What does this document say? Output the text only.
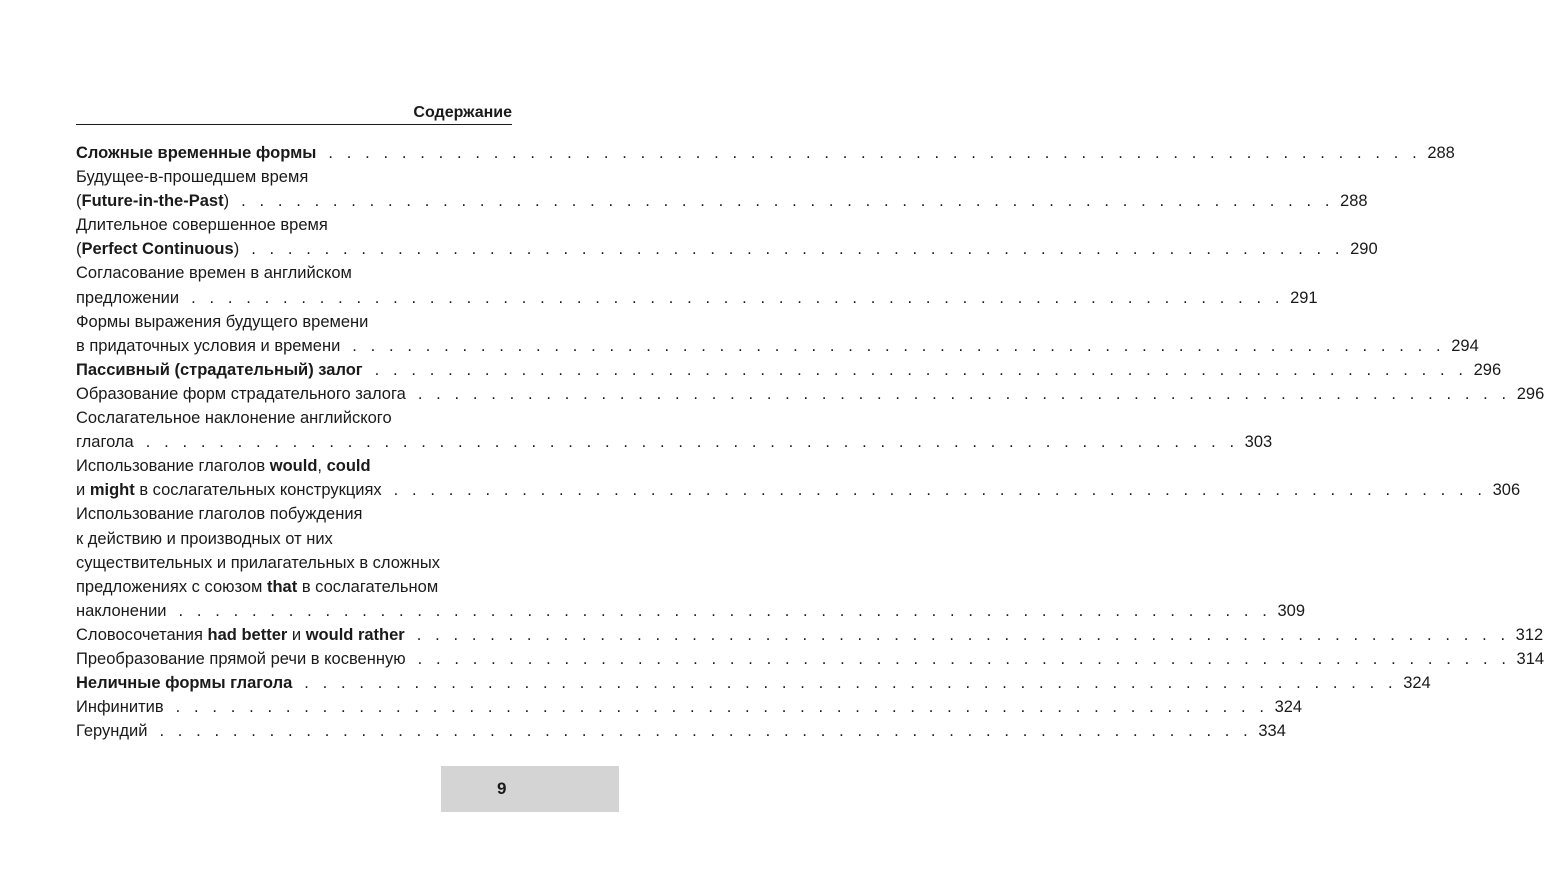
Содержание
Сложные временные формы . . . . . . . . . . . . . . . . . . . . . . . . . . . . . . . . . . . . . . . . . . . . . . . . . . . . . . . . . . . . 288
Будущее-в-прошедшем время
(Future-in-the-Past) . . . . . . . . . . . . . . . . . . . . . . . . . . . . . . . . . . . . . . . . . . . . . . . . . . . . . . . . . . . . 288
Длительное совершенное время
(Perfect Continuous) . . . . . . . . . . . . . . . . . . . . . . . . . . . . . . . . . . . . . . . . . . . . . . . . . . . . . . . . . . . . 290
Согласование времен в английском
предложении . . . . . . . . . . . . . . . . . . . . . . . . . . . . . . . . . . . . . . . . . . . . . . . . . . . . . . . . . . . . 291
Формы выражения будущего времени
в придаточных условия и времени . . . . . . . . . . . . . . . . . . . . . . . . . . . . . . . . . . . . . . . . . . . . . . . . . . . . . . . . . . . . 294
Пассивный (страдательный) залог . . . . . . . . . . . . . . . . . . . . . . . . . . . . . . . . . . . . . . . . . . . . . . . . . . . . . . . . . . . . 296
Образование форм страдательного залога . . . . . . . . . . . . . . . . . . . . . . . . . . . . . . . . . . . . . . . . . . . . . . . . . . . . . . . . . . . . 296
Сослагательное наклонение английского
глагола . . . . . . . . . . . . . . . . . . . . . . . . . . . . . . . . . . . . . . . . . . . . . . . . . . . . . . . . . . . . 303
Использование глаголов would, could
и might в сослагательных конструкциях . . . . . . . . . . . . . . . . . . . . . . . . . . . . . . . . . . . . . . . . . . . . . . . . . . . . . . . . . . . . 306
Использование глаголов побуждения
к действию и производных от них
существительных и прилагательных в сложных
предложениях с союзом that в сослагательном
наклонении . . . . . . . . . . . . . . . . . . . . . . . . . . . . . . . . . . . . . . . . . . . . . . . . . . . . . . . . . . . . 309
Словосочетания had better и would rather . . . . . . . . . . . . . . . . . . . . . . . . . . . . . . . . . . . . . . . . . . . . . . . . . . . . . . . . . . . . 312
Преобразование прямой речи в косвенную . . . . . . . . . . . . . . . . . . . . . . . . . . . . . . . . . . . . . . . . . . . . . . . . . . . . . . . . . . . . 314
Неличные формы глагола . . . . . . . . . . . . . . . . . . . . . . . . . . . . . . . . . . . . . . . . . . . . . . . . . . . . . . . . . . . . 324
Инфинитив . . . . . . . . . . . . . . . . . . . . . . . . . . . . . . . . . . . . . . . . . . . . . . . . . . . . . . . . . . . . 324
Герундий . . . . . . . . . . . . . . . . . . . . . . . . . . . . . . . . . . . . . . . . . . . . . . . . . . . . . . . . . . . . 334
9
